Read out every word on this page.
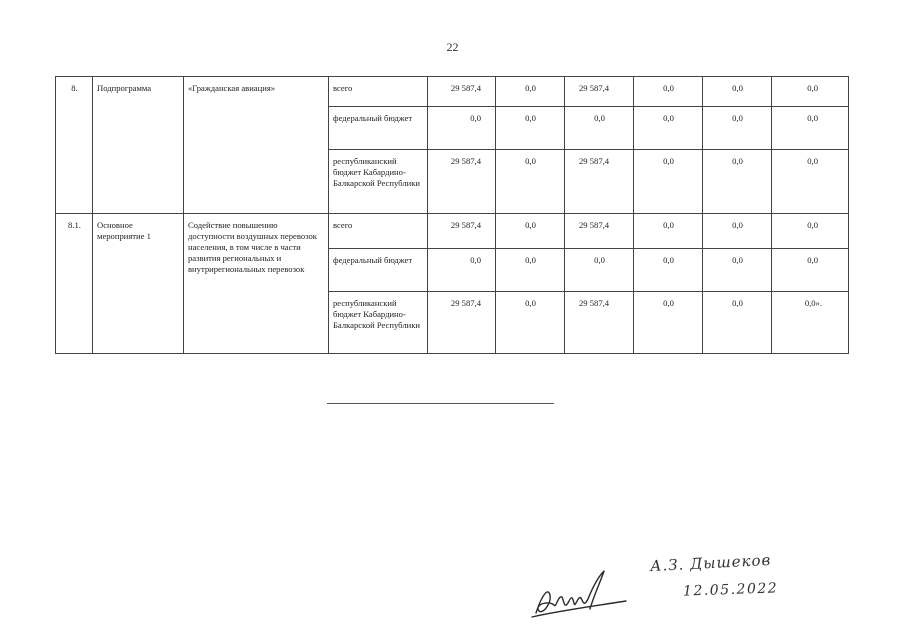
22
8.	Подпрограмма	«Гражданская авиация»	всего	29 587,4	0,0	29 587,4	0,0	0,0	0,0
			федеральный бюджет	0,0	0,0	0,0	0,0	0,0	0,0
			республиканский бюджет Кабардино-Балкарской Республики	29 587,4	0,0	29 587,4	0,0	0,0	0,0
8.1.	Основное мероприятие 1	Содействие повышению доступности воздушных перевозок населения, в том числе в части развития региональных и внутрирегиональных перевозок	всего	29 587,4	0,0	29 587,4	0,0	0,0	0,0
			федеральный бюджет	0,0	0,0	0,0	0,0	0,0	0,0
			республиканский бюджет Кабардино-Балкарской Республики	29 587,4	0,0	29 587,4	0,0	0,0	0,0».
А.З. Дышеков
12.05.2022
